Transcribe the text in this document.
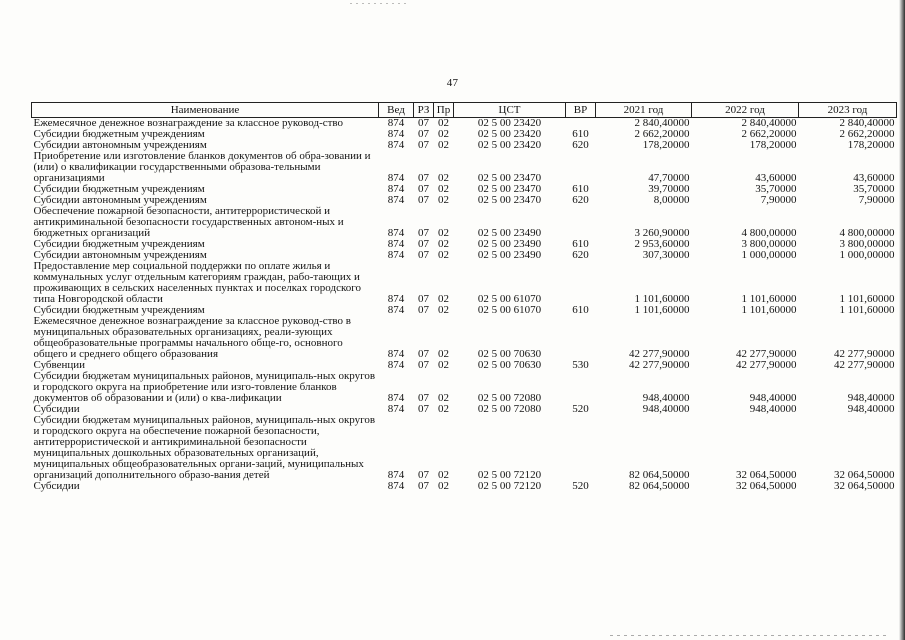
47
Наименование	Вед	РЗ	Пр	ЦСТ	ВР	2021 год	2022 год	2023 год
Ежемесячное денежное вознаграждение за классное руковод-ство	874	07	02	02 5 00 23420		2 840,40000	2 840,40000	2 840,40000
Субсидии бюджетным учреждениям	874	07	02	02 5 00 23420	610	2 662,20000	2 662,20000	2 662,20000
Субсидии автономным учреждениям	874	07	02	02 5 00 23420	620	178,20000	178,20000	178,20000
Приобретение или изготовление бланков документов об обра-зовании и (или) о квалификации государственными образова-тельными организациями	874	07	02	02 5 00 23470		47,70000	43,60000	43,60000
Субсидии бюджетным учреждениям	874	07	02	02 5 00 23470	610	39,70000	35,70000	35,70000
Субсидии автономным учреждениям	874	07	02	02 5 00 23470	620	8,00000	7,90000	7,90000
Обеспечение пожарной безопасности, антитеррористической и антикриминальной безопасности государственных автоном-ных и бюджетных организаций	874	07	02	02 5 00 23490		3 260,90000	4 800,00000	4 800,00000
Субсидии бюджетным учреждениям	874	07	02	02 5 00 23490	610	2 953,60000	3 800,00000	3 800,00000
Субсидии автономным учреждениям	874	07	02	02 5 00 23490	620	307,30000	1 000,00000	1 000,00000
Предоставление мер социальной поддержки по оплате жилья и коммунальных услуг отдельным категориям граждан, рабо-тающих и проживающих в сельских населенных пунктах и поселках городского типа Новгородской области	874	07	02	02 5 00 61070		1 101,60000	1 101,60000	1 101,60000
Субсидии бюджетным учреждениям	874	07	02	02 5 00 61070	610	1 101,60000	1 101,60000	1 101,60000
Ежемесячное денежное вознаграждение за классное руковод-ство в муниципальных образовательных организациях, реали-зующих общеобразовательные программы начального обще-го, основного общего и среднего общего образования	874	07	02	02 5 00 70630		42 277,90000	42 277,90000	42 277,90000
Субвенции	874	07	02	02 5 00 70630	530	42 277,90000	42 277,90000	42 277,90000
Субсидии бюджетам муниципальных районов, муниципаль-ных округов и городского округа на приобретение или изго-товление бланков документов об образовании и (или) о ква-лификации	874	07	02	02 5 00 72080		948,40000	948,40000	948,40000
Субсидии	874	07	02	02 5 00 72080	520	948,40000	948,40000	948,40000
Субсидии бюджетам муниципальных районов, муниципаль-ных округов и городского округа на обеспечение пожарной безопасности, антитеррористической и антикриминальной безопасности муниципальных дошкольных образовательных организаций, муниципальных общеобразовательных органи-заций, муниципальных организаций дополнительного образо-вания детей	874	07	02	02 5 00 72120		82 064,50000	32 064,50000	32 064,50000
Субсидии	874	07	02	02 5 00 72120	520	82 064,50000	32 064,50000	32 064,50000
